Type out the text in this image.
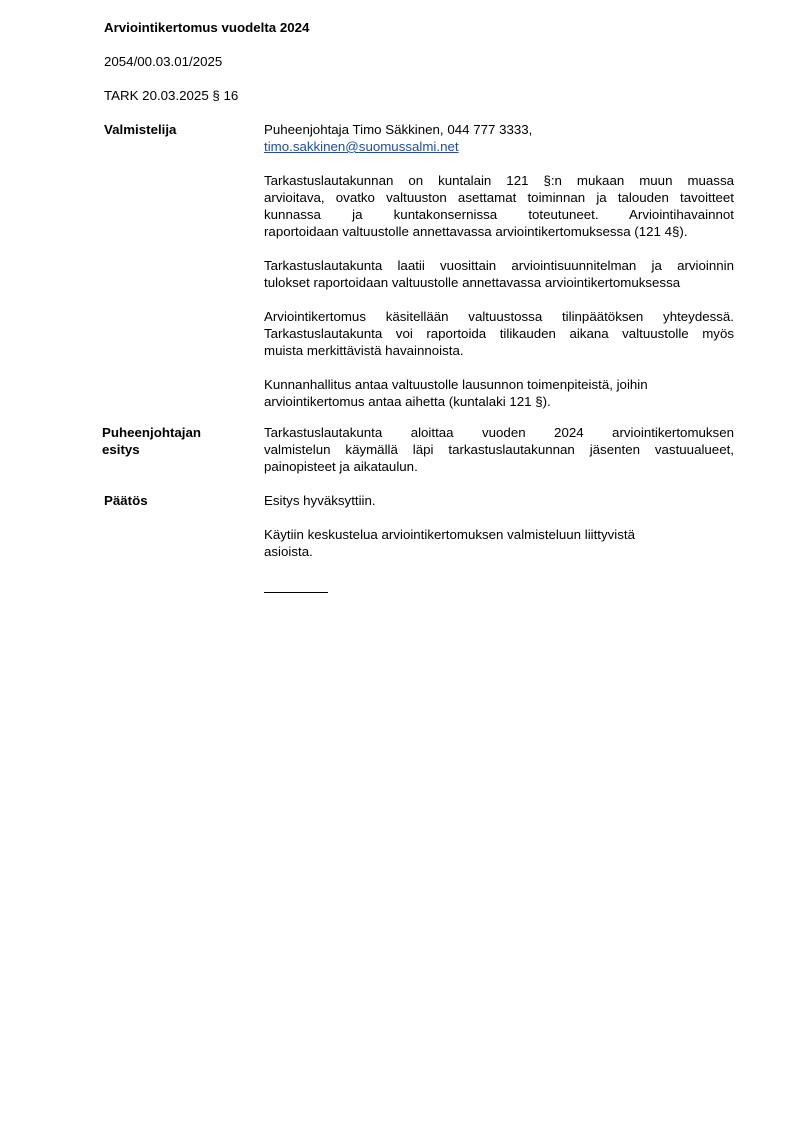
Arviointikertomus vuodelta 2024
2054/00.03.01/2025
TARK 20.03.2025 § 16
Valmistelija	Puheenjohtaja Timo Säkkinen, 044 777 3333,
timo.sakkinen@suomussalmi.net

Tarkastuslautakunnan on kuntalain 121 §:n mukaan muun muassa
arvioitava, ovatko valtuuston asettamat toiminnan ja talouden tavoitteet
kunnassa ja kuntakonsernissa toteutuneet. Arviointihavainnot
raportoidaan valtuustolle annettavassa arviointikertomuksessa (121 4§).

Tarkastuslautakunta laatii vuosittain arviointisuunnitelman ja arvioinnin
tulokset raportoidaan valtuustolle annettavassa arviointikertomuksessa

Arviointikertomus käsitellään valtuustossa tilinpäätöksen yhteydessä.
Tarkastuslautakunta voi raportoida tilikauden aikana valtuustolle myös
muista merkittävistä havainnoista.

Kunnanhallitus antaa valtuustolle lausunnon toimenpiteistä, joihin
arviointikertomus antaa aihetta (kuntalaki 121 §).
Puheenjohtajan
esitys
Tarkastuslautakunta aloittaa vuoden 2024 arviointikertomuksen
valmistelun käymällä läpi tarkastuslautakunnan jäsenten vastuualueet,
painopisteet ja aikataulun.
Päätös	Esitys hyväksyttiin.

Käytiin keskustelua arviointikertomuksen valmisteluun liittyvistä
asioista.
